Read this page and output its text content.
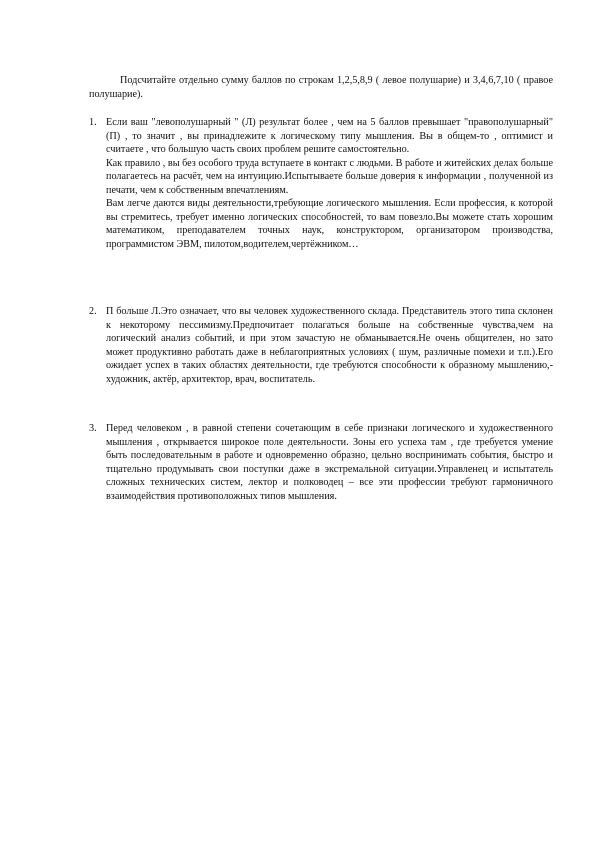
Подсчитайте отдельно сумму баллов по строкам 1,2,5,8,9 ( левое полушарие) и 3,4,6,7,10 ( правое полушарие).

1. Если ваш "левополушарный " (Л) результат более , чем на 5 баллов превышает "правополушарный" (П) , то значит , вы принадлежите к логическому типу мышления. Вы в общем-то , оптимист и считаете , что большую часть своих проблем решите самостоятельно.

Как правило , вы без особого труда вступаете в контакт с людьми. В работе и житейских делах больше полагаетесь на расчёт, чем на интуицию.Испытываете больше доверия к информации , полученной из печати, чем к собственным впечатлениям.

Вам легче даются виды деятельности,требующие логического мышления. Если профессия, к которой вы стремитесь, требует именно логических способностей, то вам повезло.Вы можете стать хорошим математиком, преподавателем точных наук, конструктором, организатором производства, программистом ЭВМ, пилотом,водителем,чертёжником…

2. П больше Л.Это означает, что вы человек художественного склада. Представитель этого типа склонен к некоторому пессимизму.Предпочитает полагаться больше на собственные чувства,чем на логический анализ событий, и при этом зачастую не обманывается.Не очень общителен, но зато может продуктивно работать даже в неблагоприятных условиях ( шум, различные помехи и т.п.).Его ожидает успех в таких областях деятельности, где требуются способности к образному мышлению,-художник, актёр, архитектор, врач, воспитатель.

3. Перед человеком , в равной степени сочетающим в себе признаки логического и художественного мышления , открывается широкое поле деятельности. Зоны его успеха там , где требуется умение быть последовательным в работе и одновременно образно, цельно воспринимать события, быстро и тщательно продумывать свои поступки даже в экстремальной ситуации.Управленец и испытатель сложных технических систем, лектор и полководец – все эти профессии требуют гармоничного взаимодействия противоположных типов мышления.
